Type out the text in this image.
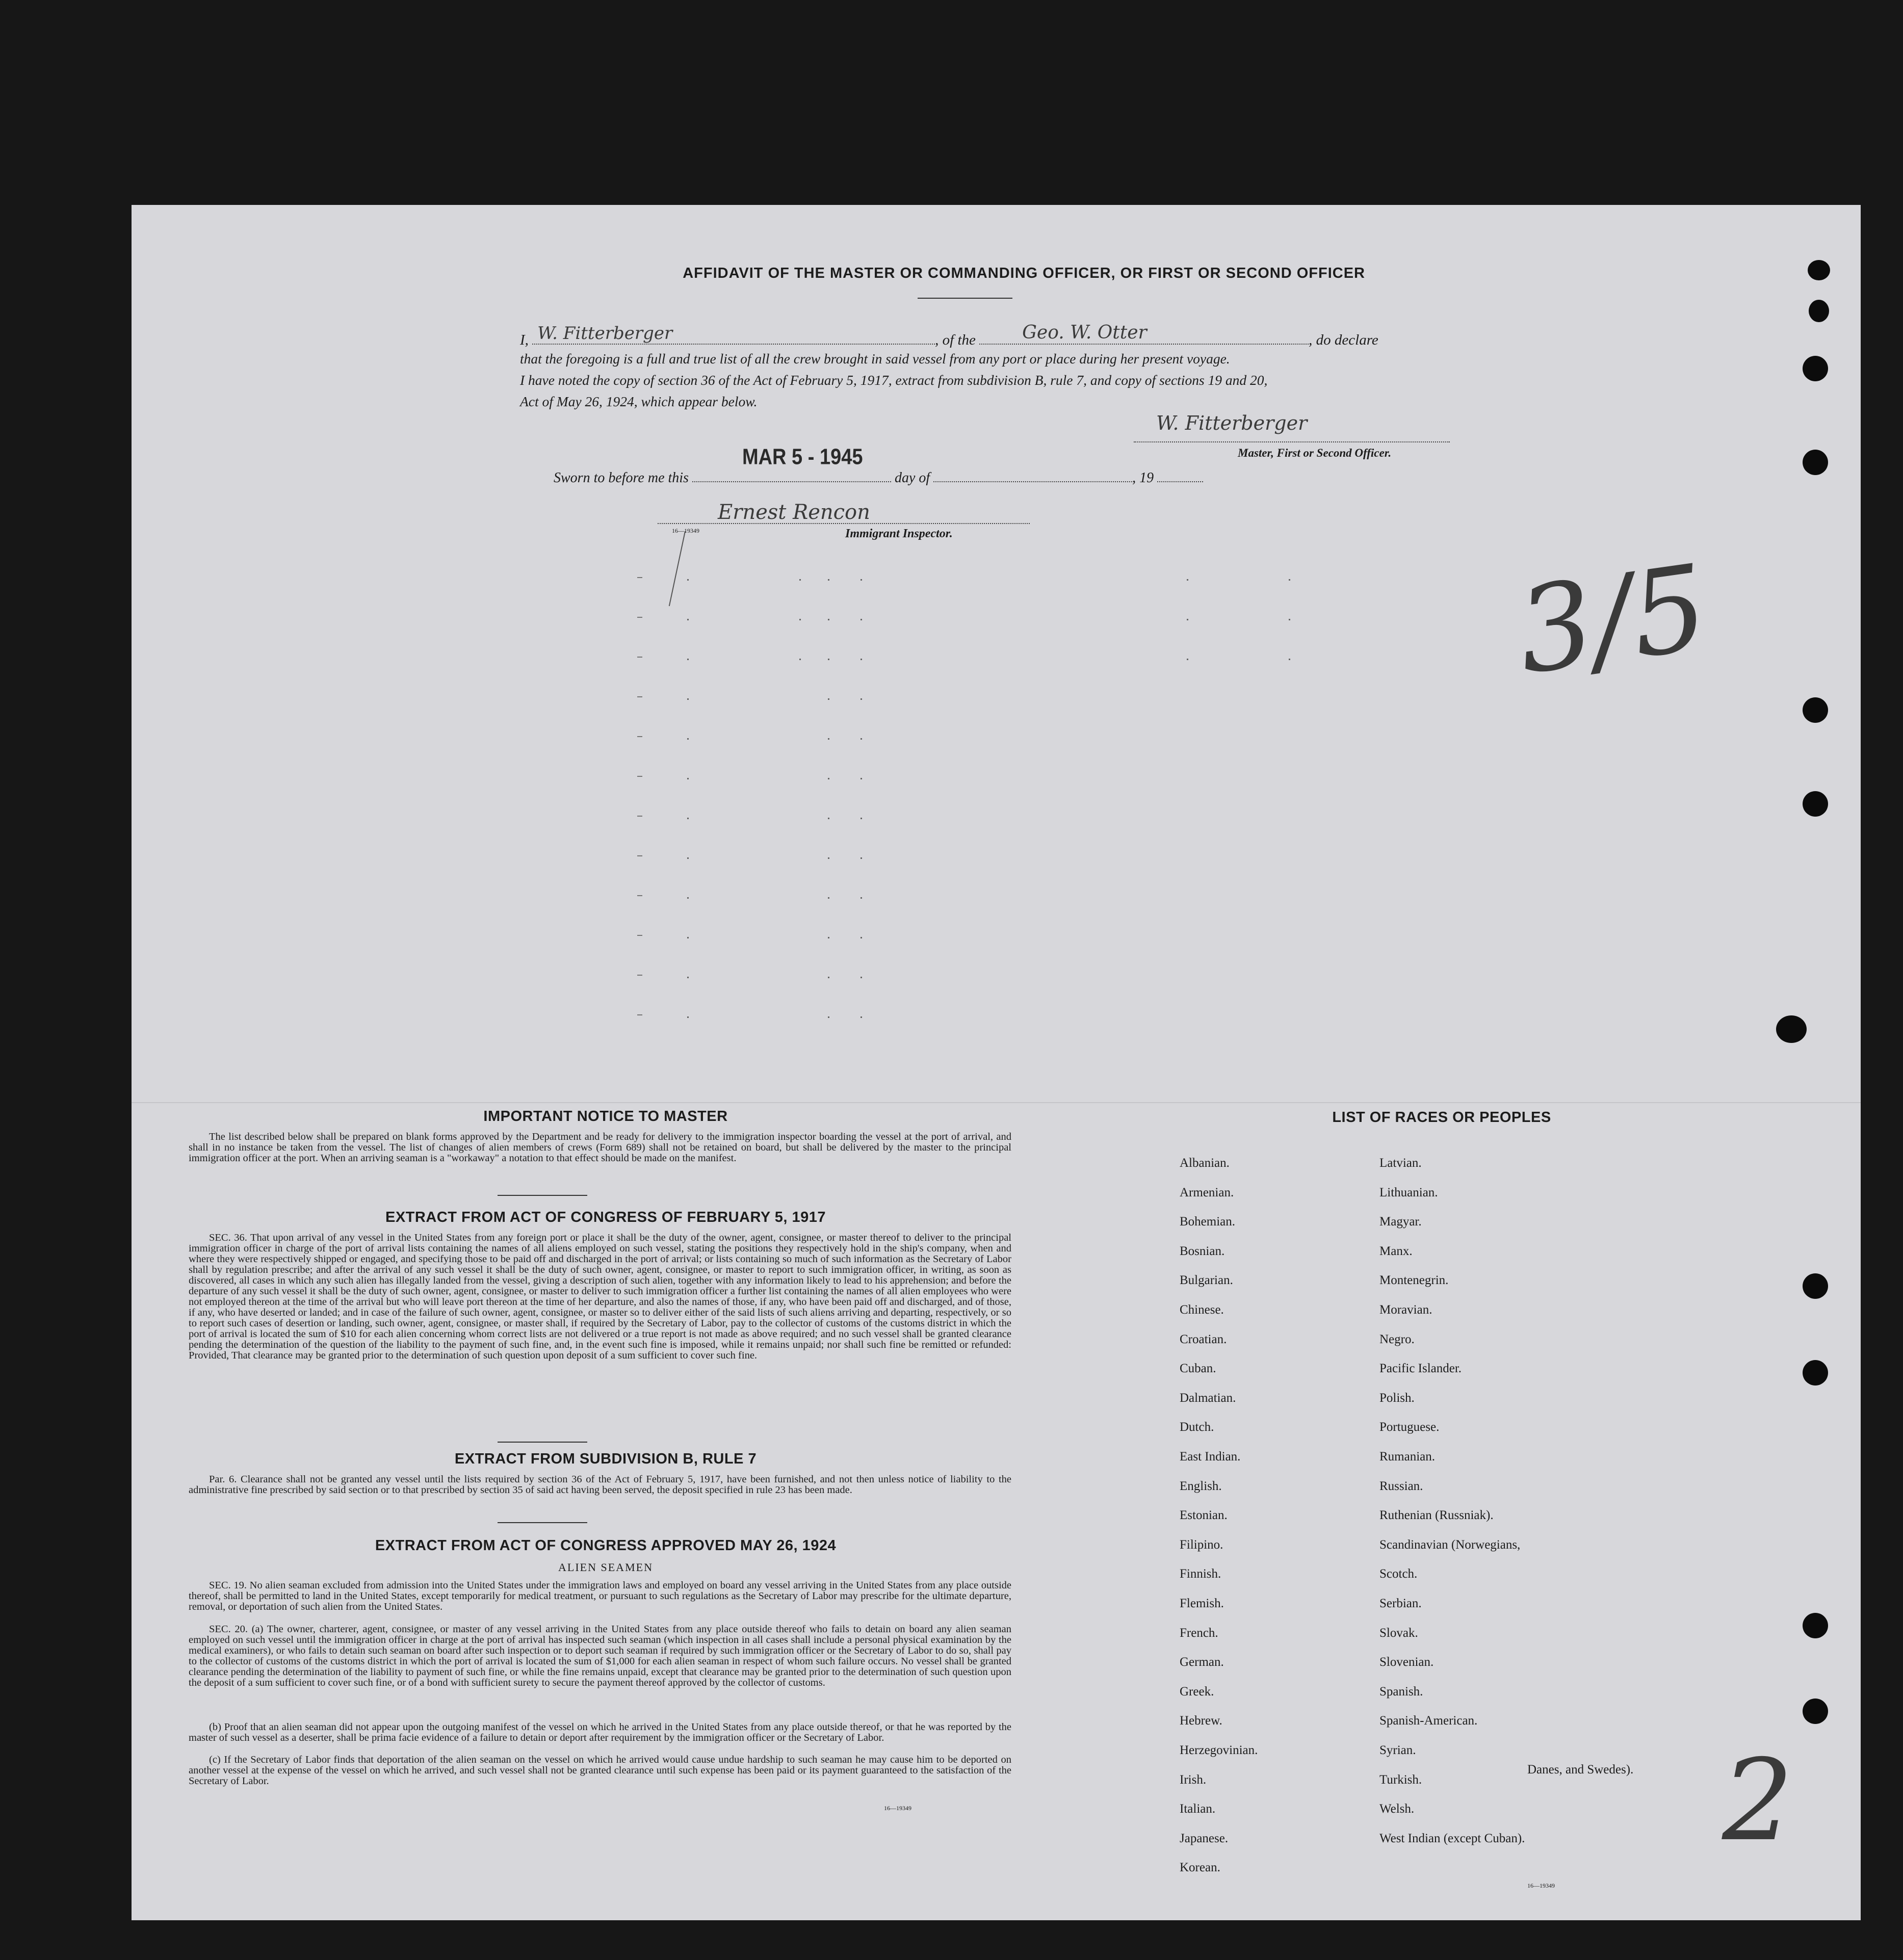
AFFIDAVIT OF THE MASTER OR COMMANDING OFFICER, OR FIRST OR SECOND OFFICER
I, W. Fitterberger	, of the	Geo. W. Otter	, do declare
that the foregoing is a full and true list of all the crew brought in said vessel from any port or place during her present voyage.
I have noted the copy of section 36 of the Act of February 5, 1917, extract from subdivision B, rule 7, and copy of sections 19 and 20,
Act of May 26, 1924, which appear below.
W. Fitterberger
Master, First or Second Officer.
Sworn to before me this
MAR 5 - 1945
day of	, 19
Ernest Rencon
16—19349	Immigrant Inspector.
3/5
IMPORTANT NOTICE TO MASTER
The list described below shall be prepared on blank forms approved by the Department and be ready for delivery to the immigration inspector boarding the vessel at the port of arrival, and shall in no instance be taken from the vessel. The list of changes of alien members of crews (Form 689) shall not be retained on board, but shall be delivered by the master to the principal immigration officer at the port. When an arriving seaman is a "workaway" a notation to that effect should be made on the manifest.
EXTRACT FROM ACT OF CONGRESS OF FEBRUARY 5, 1917
SEC. 36. That upon arrival of any vessel in the United States from any foreign port or place it shall be the duty of the owner, agent, consignee, or master thereof to deliver to the principal immigration officer in charge of the port of arrival lists containing the names of all aliens employed on such vessel, stating the positions they respectively hold in the ship's company, when and where they were respectively shipped or engaged, and specifying those to be paid off and discharged in the port of arrival; or lists containing so much of such information as the Secretary of Labor shall by regulation prescribe; and after the arrival of any such vessel it shall be the duty of such owner, agent, consignee, or master to report to such immigration officer, in writing, as soon as discovered, all cases in which any such alien has illegally landed from the vessel, giving a description of such alien, together with any information likely to lead to his apprehension; and before the departure of any such vessel it shall be the duty of such owner, agent, consignee, or master to deliver to such immigration officer a further list containing the names of all alien employees who were not employed thereon at the time of the arrival but who will leave port thereon at the time of her departure, and also the names of those, if any, who have been paid off and discharged, and of those, if any, who have deserted or landed; and in case of the failure of such owner, agent, consignee, or master so to deliver either of the said lists of such aliens arriving and departing, respectively, or so to report such cases of desertion or landing, such owner, agent, consignee, or master shall, if required by the Secretary of Labor, pay to the collector of customs of the customs district in which the port of arrival is located the sum of $10 for each alien concerning whom correct lists are not delivered or a true report is not made as above required; and no such vessel shall be granted clearance pending the determination of the question of the liability to the payment of such fine, and, in the event such fine is imposed, while it remains unpaid; nor shall such fine be remitted or refunded: Provided, That clearance may be granted prior to the determination of such question upon deposit of a sum sufficient to cover such fine.
EXTRACT FROM SUBDIVISION B, RULE 7
Par. 6. Clearance shall not be granted any vessel until the lists required by section 36 of the Act of February 5, 1917, have been furnished, and not then unless notice of liability to the administrative fine prescribed by said section or to that prescribed by section 35 of said act having been served, the deposit specified in rule 23 has been made.
EXTRACT FROM ACT OF CONGRESS APPROVED MAY 26, 1924
ALIEN SEAMEN
SEC. 19. No alien seaman excluded from admission into the United States under the immigration laws and employed on board any vessel arriving in the United States from any place outside thereof, shall be permitted to land in the United States, except temporarily for medical treatment, or pursuant to such regulations as the Secretary of Labor may prescribe for the ultimate departure, removal, or deportation of such alien from the United States.
SEC. 20. (a) The owner, charterer, agent, consignee, or master of any vessel arriving in the United States from any place outside thereof who fails to detain on board any alien seaman employed on such vessel until the immigration officer in charge at the port of arrival has inspected such seaman (which inspection in all cases shall include a personal physical examination by the medical examiners), or who fails to detain such seaman on board after such inspection or to deport such seaman if required by such immigration officer or the Secretary of Labor to do so, shall pay to the collector of customs of the customs district in which the port of arrival is located the sum of $1,000 for each alien seaman in respect of whom such failure occurs. No vessel shall be granted clearance pending the determination of the liability to payment of such fine, or while the fine remains unpaid, except that clearance may be granted prior to the determination of such question upon the deposit of a sum sufficient to cover such fine, or of a bond with sufficient surety to secure the payment thereof approved by the collector of customs.
(b) Proof that an alien seaman did not appear upon the outgoing manifest of the vessel on which he arrived in the United States from any place outside thereof, or that he was reported by the master of such vessel as a deserter, shall be prima facie evidence of a failure to detain or deport after requirement by the immigration officer or the Secretary of Labor.
(c) If the Secretary of Labor finds that deportation of the alien seaman on the vessel on which he arrived would cause undue hardship to such seaman he may cause him to be deported on another vessel at the expense of the vessel on which he arrived, and such vessel shall not be granted clearance until such expense has been paid or its payment guaranteed to the satisfaction of the Secretary of Labor.
16—19349
LIST OF RACES OR PEOPLES
Albanian.
Armenian.
Bohemian.
Bosnian.
Bulgarian.
Chinese.
Croatian.
Cuban.
Dalmatian.
Dutch.
East Indian.
English.
Estonian.
Filipino.
Finnish.
Flemish.
French.
German.
Greek.
Hebrew.
Herzegovinian.
Irish.
Italian.
Japanese.
Korean.
Latvian.
Lithuanian.
Magyar.
Manx.
Montenegrin.
Moravian.
Negro.
Pacific Islander.
Polish.
Portuguese.
Rumanian.
Russian.
Ruthenian (Russniak).
Scandinavian (Norwegians,
Scotch.
Serbian.
Slovak.
Slovenian.
Spanish.
Spanish-American.
Syrian.
Turkish.
Welsh.
West Indian (except Cuban).
Danes, and Swedes).
16—19349
2
